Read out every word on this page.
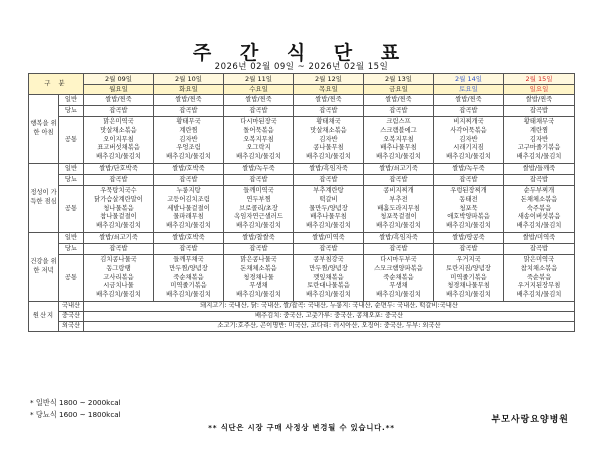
주 간 식 단 표
2026년 02월 09일 ~ 2026년 02월 15일
구 분		2월 09일	2월 10일	2월 11일	2월 12일	2월 13일	2월 14일	2월 15일
		월요일	화요일	수요일	목요일	금요일	토요일	일요일
행복을 위한 아침	일반	쌀밥/찐죽	쌀밥/찐죽	쌀밥/찐죽	쌀밥/찐죽	쌀밥/찐죽	쌀밥/찐죽	쌀밥/찐죽
	당뇨	잡곡밥	잡곡밥	잡곡밥	잡곡밥	잡곡밥	잡곡밥	잡곡밥
	공통	맑은미역국
맛살채소볶음
오이지무침
표고버섯채볶음
배추김치/물김치	황태무국
계란찜
김자반
우엉조림
배추김치/물김치	다시마된장국
돌어묵볶음
오복지무침
오그락지
배추김치/물김치	황태채국
맛살채소볶음
김자반
콩나물무침
배추김치/물김치	크림스프
스크램블에그
오복지무침
배추나물무침
배추김치/물김치	비지찌개국
사각어묵볶음
김자반
시래기지짐
배추김치/물김치	황태채무국
계란찜
김자반
고구마줄기볶음
배추김치/물김치

정성이 가득한 점심	일반	쌀밥/단호박죽	쌀밥/호박죽	쌀밥/녹두죽	쌀밥/흑임자죽	쌀밥/쇠고기죽	쌀밥/녹두죽	쌀밥/들깨죽
	당뇨	잡곡밥	잡곡밥	잡곡밥	잡곡밥	잡곡밥	잡곡밥	잡곡밥
	공통	우묵탕치국수
닭가슴살계란말이
청나물볶음
참나물겉절이
배추김치/물김치	누룽지탕
고등어김치조림
세발나물겉절이
물파래무침
배추김치/물김치	들깨미역국
연두부찜
브로콜리/초장
옥임자연근샐러드
배추김치/물김치	부추계란탕
떡갈비
물만두/양념장
배추나물무침
배추김치/물김치	콩비지찌개
부추전
배흘도라지무침
청포묵겉절이
배추김치/물김치	우렁된장찌개
동태전
청포묵
애호박양파볶음
배추김치/물김치	순두부찌개
돈채체소볶음
숙주볶음
새송이버섯볶음
배추김치/물김치

건강을 위한 저녁	일반	쌀밥/쇠고기죽	쌀밥/호박죽	쌀밥/찹쌀죽	쌀밥/미역죽	쌀밥/흑임자죽	쌀밥/땅콩죽	쌀밥/미역죽
	당뇨	잡곡밥	잡곡밥	잡곡밥	잡곡밥	잡곡밥	잡곡밥	잡곡밥
	공통	김치콩나물국
동그랑땡
고사리볶음
시금치나물
배추김치/물김치	들깨무채국
만두찜/양념장
죽순채볶음
미역줄기볶음
배추김치/물김치	맑은콩나물국
돈채체소볶음
청경채나물
무생채
배추김치/물김치	콩부침강국
만두찜/양념장
깻잎채볶음
토란대나물볶음
배추김치/물김치	다시마두부국
스모크햄양파볶음
죽순채볶음
무생채
배추김치/물김치	우거지국
토란지짐/양념장
미역줄기볶음
청경채나물무침
배추김치/물김치	맑은미역국
참치채소볶음
죽순볶음
우거지된장무침
배추김치/물김치

원산지	국내산	돼지고기: 국내산, 닭: 국내산, 쌀/잡곡: 국내산, 누룽지: 국내산, 순면두: 국내산, 떡갈비:국내산						
	중국산	배추김치: 중국산, 고춧가루: 중국산, 콩채오포: 중국산						
	외국산	소고기:호주산, 곤이명반: 미국산, 코다리: 러시아산, 오징어: 중국산, 두부: 외국산						
* 일반식 1800 ~ 2000kcal
* 당뇨식 1600 ~ 1800kcal
부모사랑요양병원
** 식단은 시장 구매 사정상 변경될 수 있습니다.**
